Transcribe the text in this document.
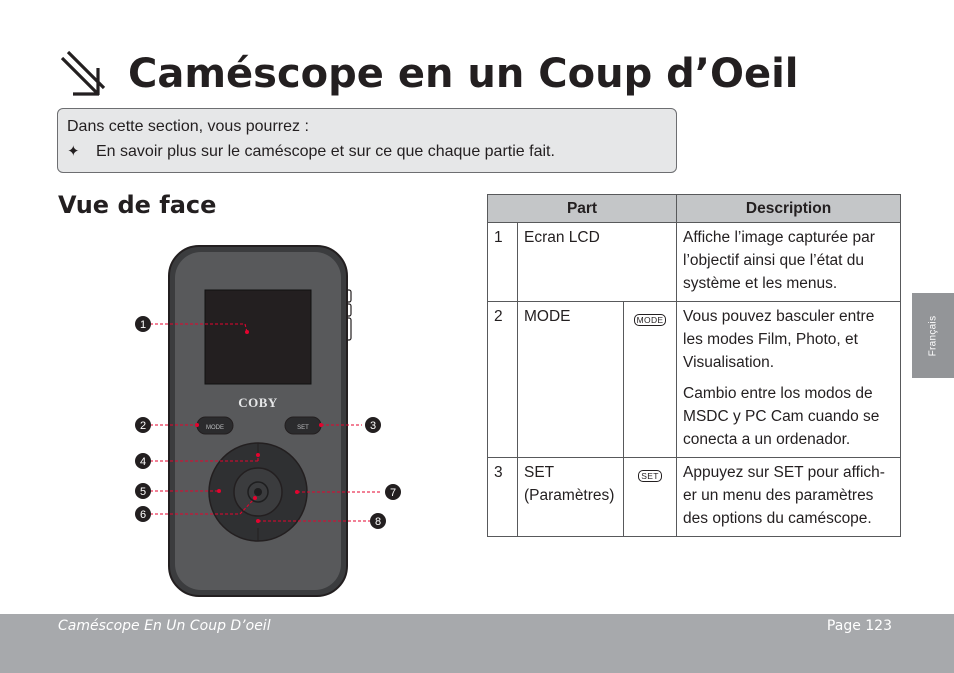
Caméscope en un Coup d’Oeil
Dans cette section, vous pourrez :
✦ En savoir plus sur le caméscope et sur ce que chaque partie fait.
Vue de face
COBY
MODE	SET
1
2	3
4
5
6
7
8
Part			Description
1	Ecran LCD		Affiche l’image capturée par l’objectif ainsi que l’état du système et les menus.

2	MODE	MODE	Vous pouvez basculer entre les modes Film, Photo, et Visualisation.

Cambio entre los modos de MSDC y PC Cam cuando se conecta a un ordenador.

3	SET (Paramètres)	SET	Appuyez sur SET pour affich-er un menu des paramètres des options du caméscope.

Français
Caméscope En Un Coup D’oeil	Page 123
